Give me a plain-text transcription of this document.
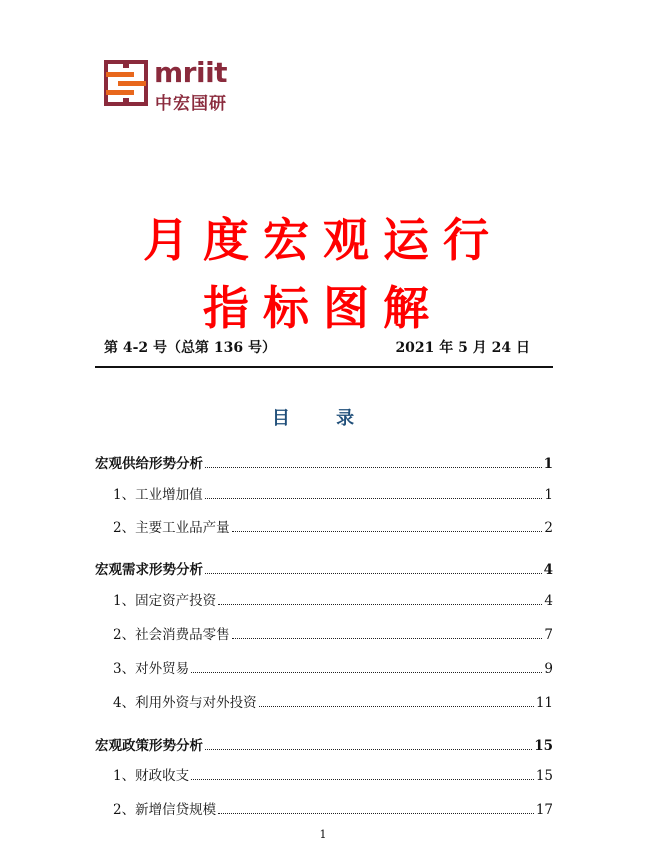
mriit
中宏国研
月度宏观运行
指标图解
第 4-2 号（总第 136 号）	2021 年 5 月 24 日
目 录
宏观供给形势分析	1
1、工业增加值	1
2、主要工业品产量	2
宏观需求形势分析	4
1、固定资产投资	4
2、社会消费品零售	7
3、对外贸易	9
4、利用外资与对外投资	11
宏观政策形势分析	15
1、财政收支	15
2、新增信贷规模	17
1
